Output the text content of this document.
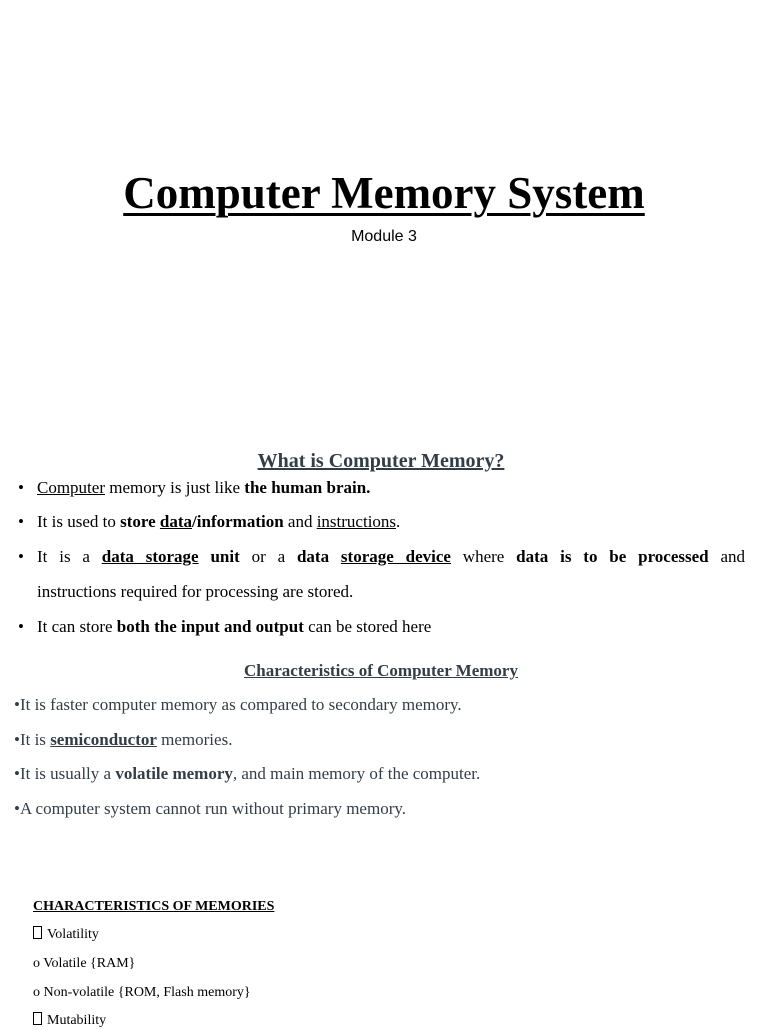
Computer Memory System
Module 3
What is Computer Memory?
• Computer memory is just like the human brain.
• It is used to store data/information and instructions.
• It is a data storage unit or a data storage device where data is to be processed and
instructions required for processing are stored.
• It can store both the input and output can be stored here
Characteristics of Computer Memory
•It is faster computer memory as compared to secondary memory.
•It is semiconductor memories.
•It is usually a volatile memory, and main memory of the computer.
•A computer system cannot run without primary memory.
CHARACTERISTICS OF MEMORIES
Volatility
o Volatile {RAM}
o Non-volatile {ROM, Flash memory}
Mutability
